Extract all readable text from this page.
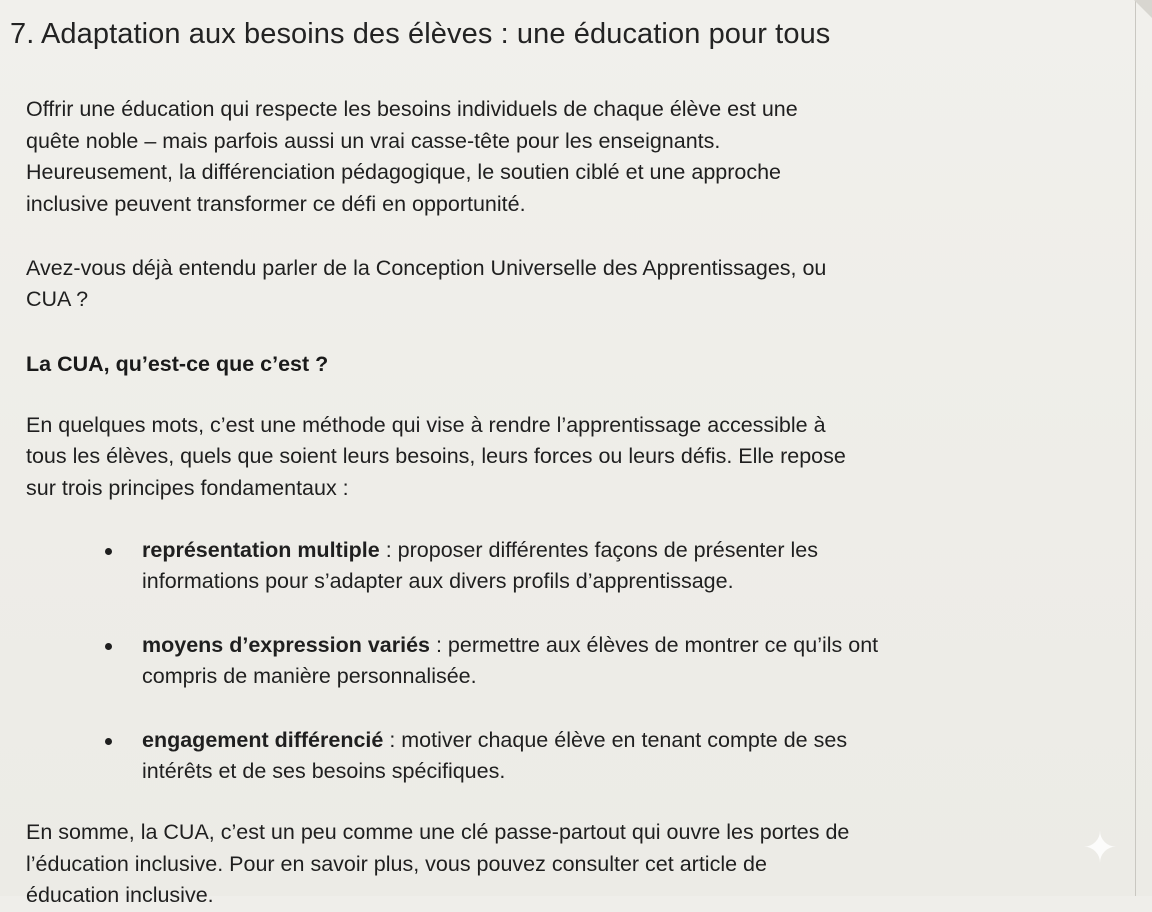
7. Adaptation aux besoins des élèves : une éducation pour tous

Offrir une éducation qui respecte les besoins individuels de chaque élève est une

quête noble – mais parfois aussi un vrai casse-tête pour les enseignants.

Heureusement, la différenciation pédagogique, le soutien ciblé et une approche

inclusive peuvent transformer ce défi en opportunité.

Avez-vous déjà entendu parler de la Conception Universelle des Apprentissages, ou

CUA ?

La CUA, qu’est-ce que c’est ?

En quelques mots, c’est une méthode qui vise à rendre l’apprentissage accessible à

tous les élèves, quels que soient leurs besoins, leurs forces ou leurs défis. Elle repose

sur trois principes fondamentaux :

représentation multiple : proposer différentes façons de présenter les

informations pour s’adapter aux divers profils d’apprentissage.

moyens d’expression variés : permettre aux élèves de montrer ce qu’ils ont

compris de manière personnalisée.

engagement différencié : motiver chaque élève en tenant compte de ses

intérêts et de ses besoins spécifiques.

En somme, la CUA, c’est un peu comme une clé passe-partout qui ouvre les portes de

l’éducation inclusive. Pour en savoir plus, vous pouvez consulter cet article de

éducation inclusive.
✦
